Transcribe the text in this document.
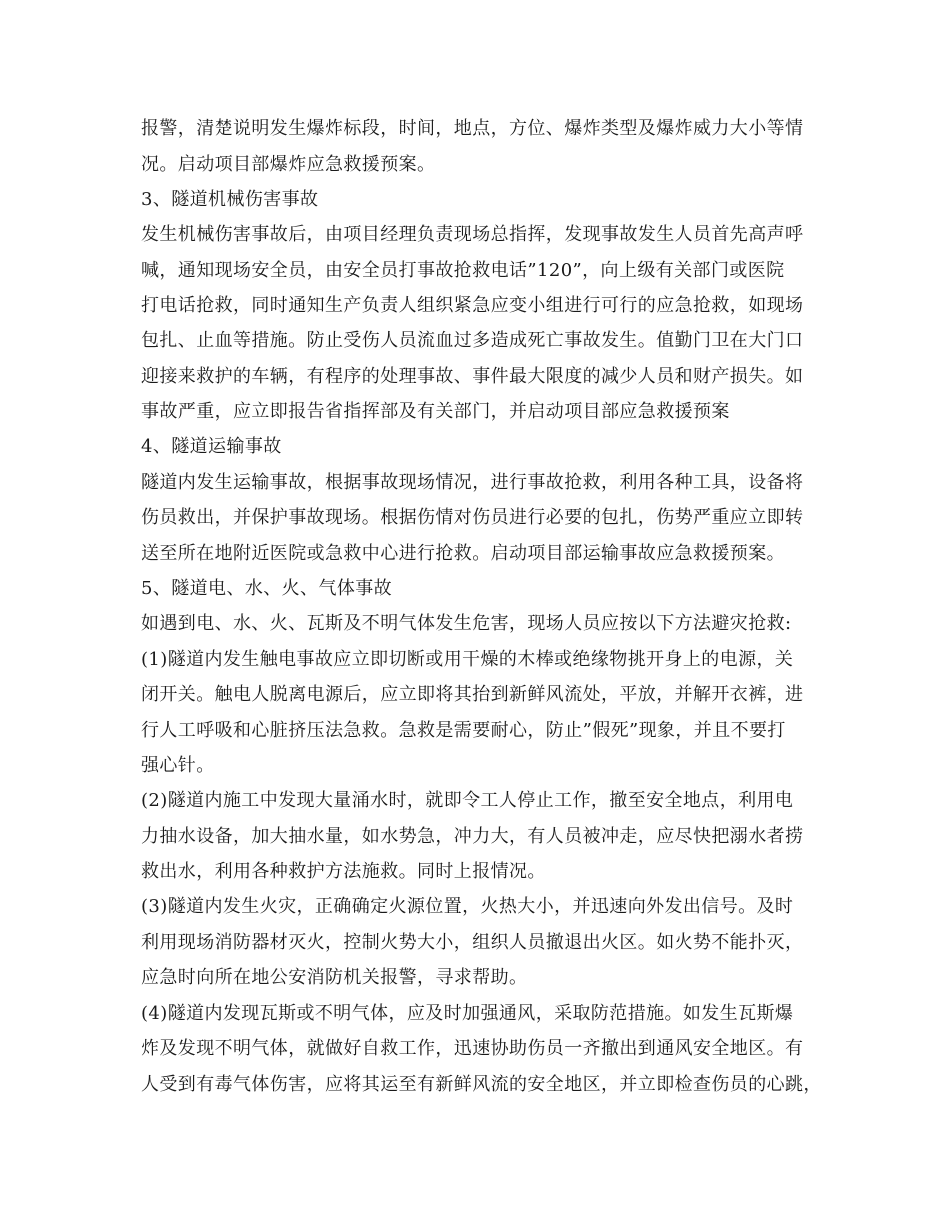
报警，清楚说明发生爆炸标段，时间，地点，方位、爆炸类型及爆炸威力大小等情
况。启动项目部爆炸应急救援预案。
3、隧道机械伤害事故
发生机械伤害事故后，由项目经理负责现场总指挥，发现事故发生人员首先高声呼
喊，通知现场安全员，由安全员打事故抢救电话”120”，向上级有关部门或医院
打电话抢救，同时通知生产负责人组织紧急应变小组进行可行的应急抢救，如现场
包扎、止血等措施。防止受伤人员流血过多造成死亡事故发生。值勤门卫在大门口
迎接来救护的车辆，有程序的处理事故、事件最大限度的减少人员和财产损失。如
事故严重，应立即报告省指挥部及有关部门，并启动项目部应急救援预案
4、隧道运输事故
隧道内发生运输事故，根据事故现场情况，进行事故抢救，利用各种工具，设备将
伤员救出，并保护事故现场。根据伤情对伤员进行必要的包扎，伤势严重应立即转
送至所在地附近医院或急救中心进行抢救。启动项目部运输事故应急救援预案。
5、隧道电、水、火、气体事故
如遇到电、水、火、瓦斯及不明气体发生危害，现场人员应按以下方法避灾抢救:
(1)隧道内发生触电事故应立即切断或用干燥的木棒或绝缘物挑开身上的电源，关
闭开关。触电人脱离电源后，应立即将其抬到新鲜风流处，平放，并解开衣裤，进
行人工呼吸和心脏挤压法急救。急救是需要耐心，防止”假死”现象，并且不要打
强心针。
(2)隧道内施工中发现大量涌水时，就即令工人停止工作，撤至安全地点，利用电
力抽水设备，加大抽水量，如水势急，冲力大，有人员被冲走，应尽快把溺水者捞
救出水，利用各种救护方法施救。同时上报情况。
(3)隧道内发生火灾，正确确定火源位置，火热大小，并迅速向外发出信号。及时
利用现场消防器材灭火，控制火势大小，组织人员撤退出火区。如火势不能扑灭，
应急时向所在地公安消防机关报警，寻求帮助。
(4)隧道内发现瓦斯或不明气体，应及时加强通风，采取防范措施。如发生瓦斯爆
炸及发现不明气体，就做好自救工作，迅速协助伤员一齐撤出到通风安全地区。有
人受到有毒气体伤害，应将其运至有新鲜风流的安全地区，并立即检查伤员的心跳，
